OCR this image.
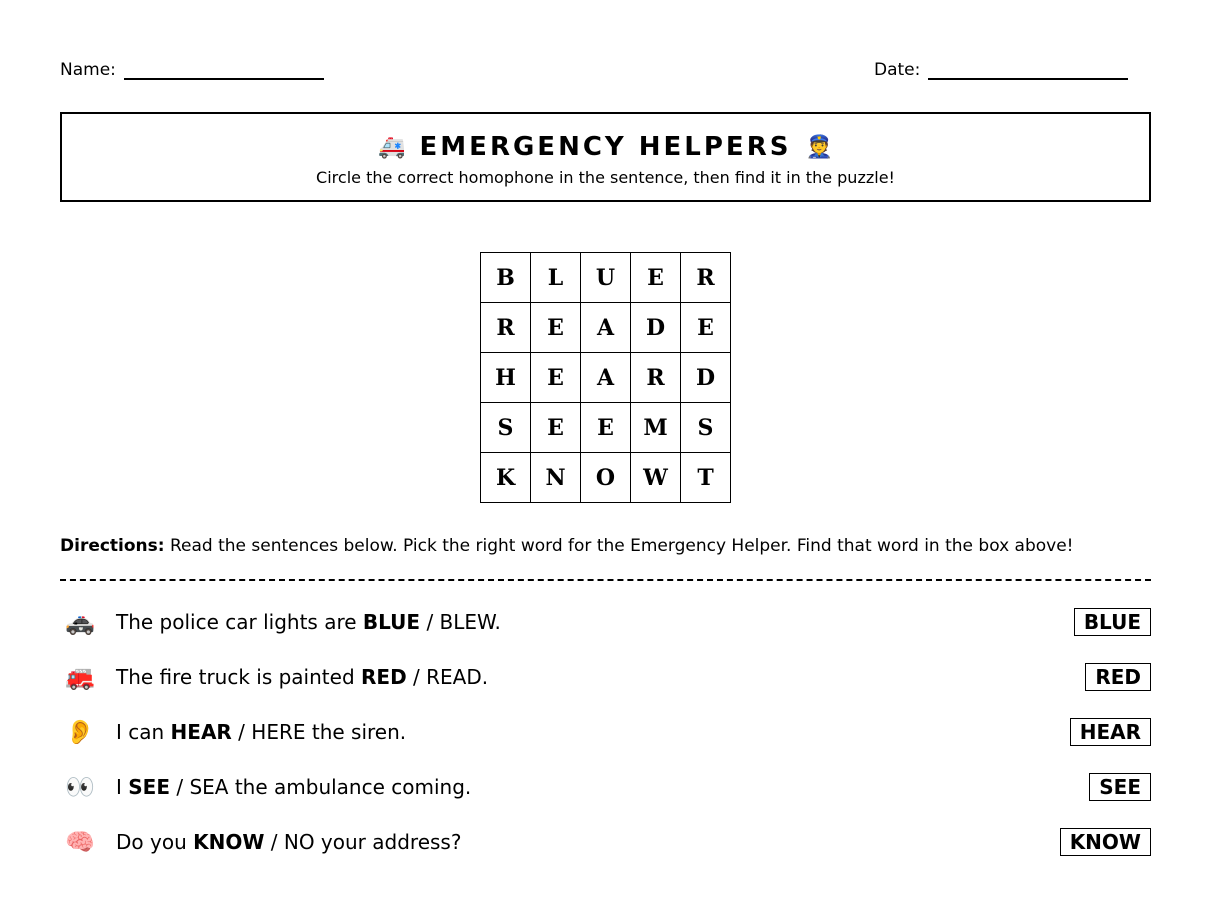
Name:	Date:
🚑 EMERGENCY HELPERS 👮
Circle the correct homophone in the sentence, then find it in the puzzle!
B	L	U	E	R
R	E	A	D	E
H	E	A	R	D
S	E	E	M	S
K	N	O	W	T
Directions: Read the sentences below. Pick the right word for the Emergency Helper. Find that word in the box above!
🚓 The police car lights are BLUE / BLEW.	BLUE
🚒 The fire truck is painted RED / READ.	RED
👂 I can HEAR / HERE the siren.	HEAR
👀 I SEE / SEA the ambulance coming.	SEE
🧠 Do you KNOW / NO your address?	KNOW
